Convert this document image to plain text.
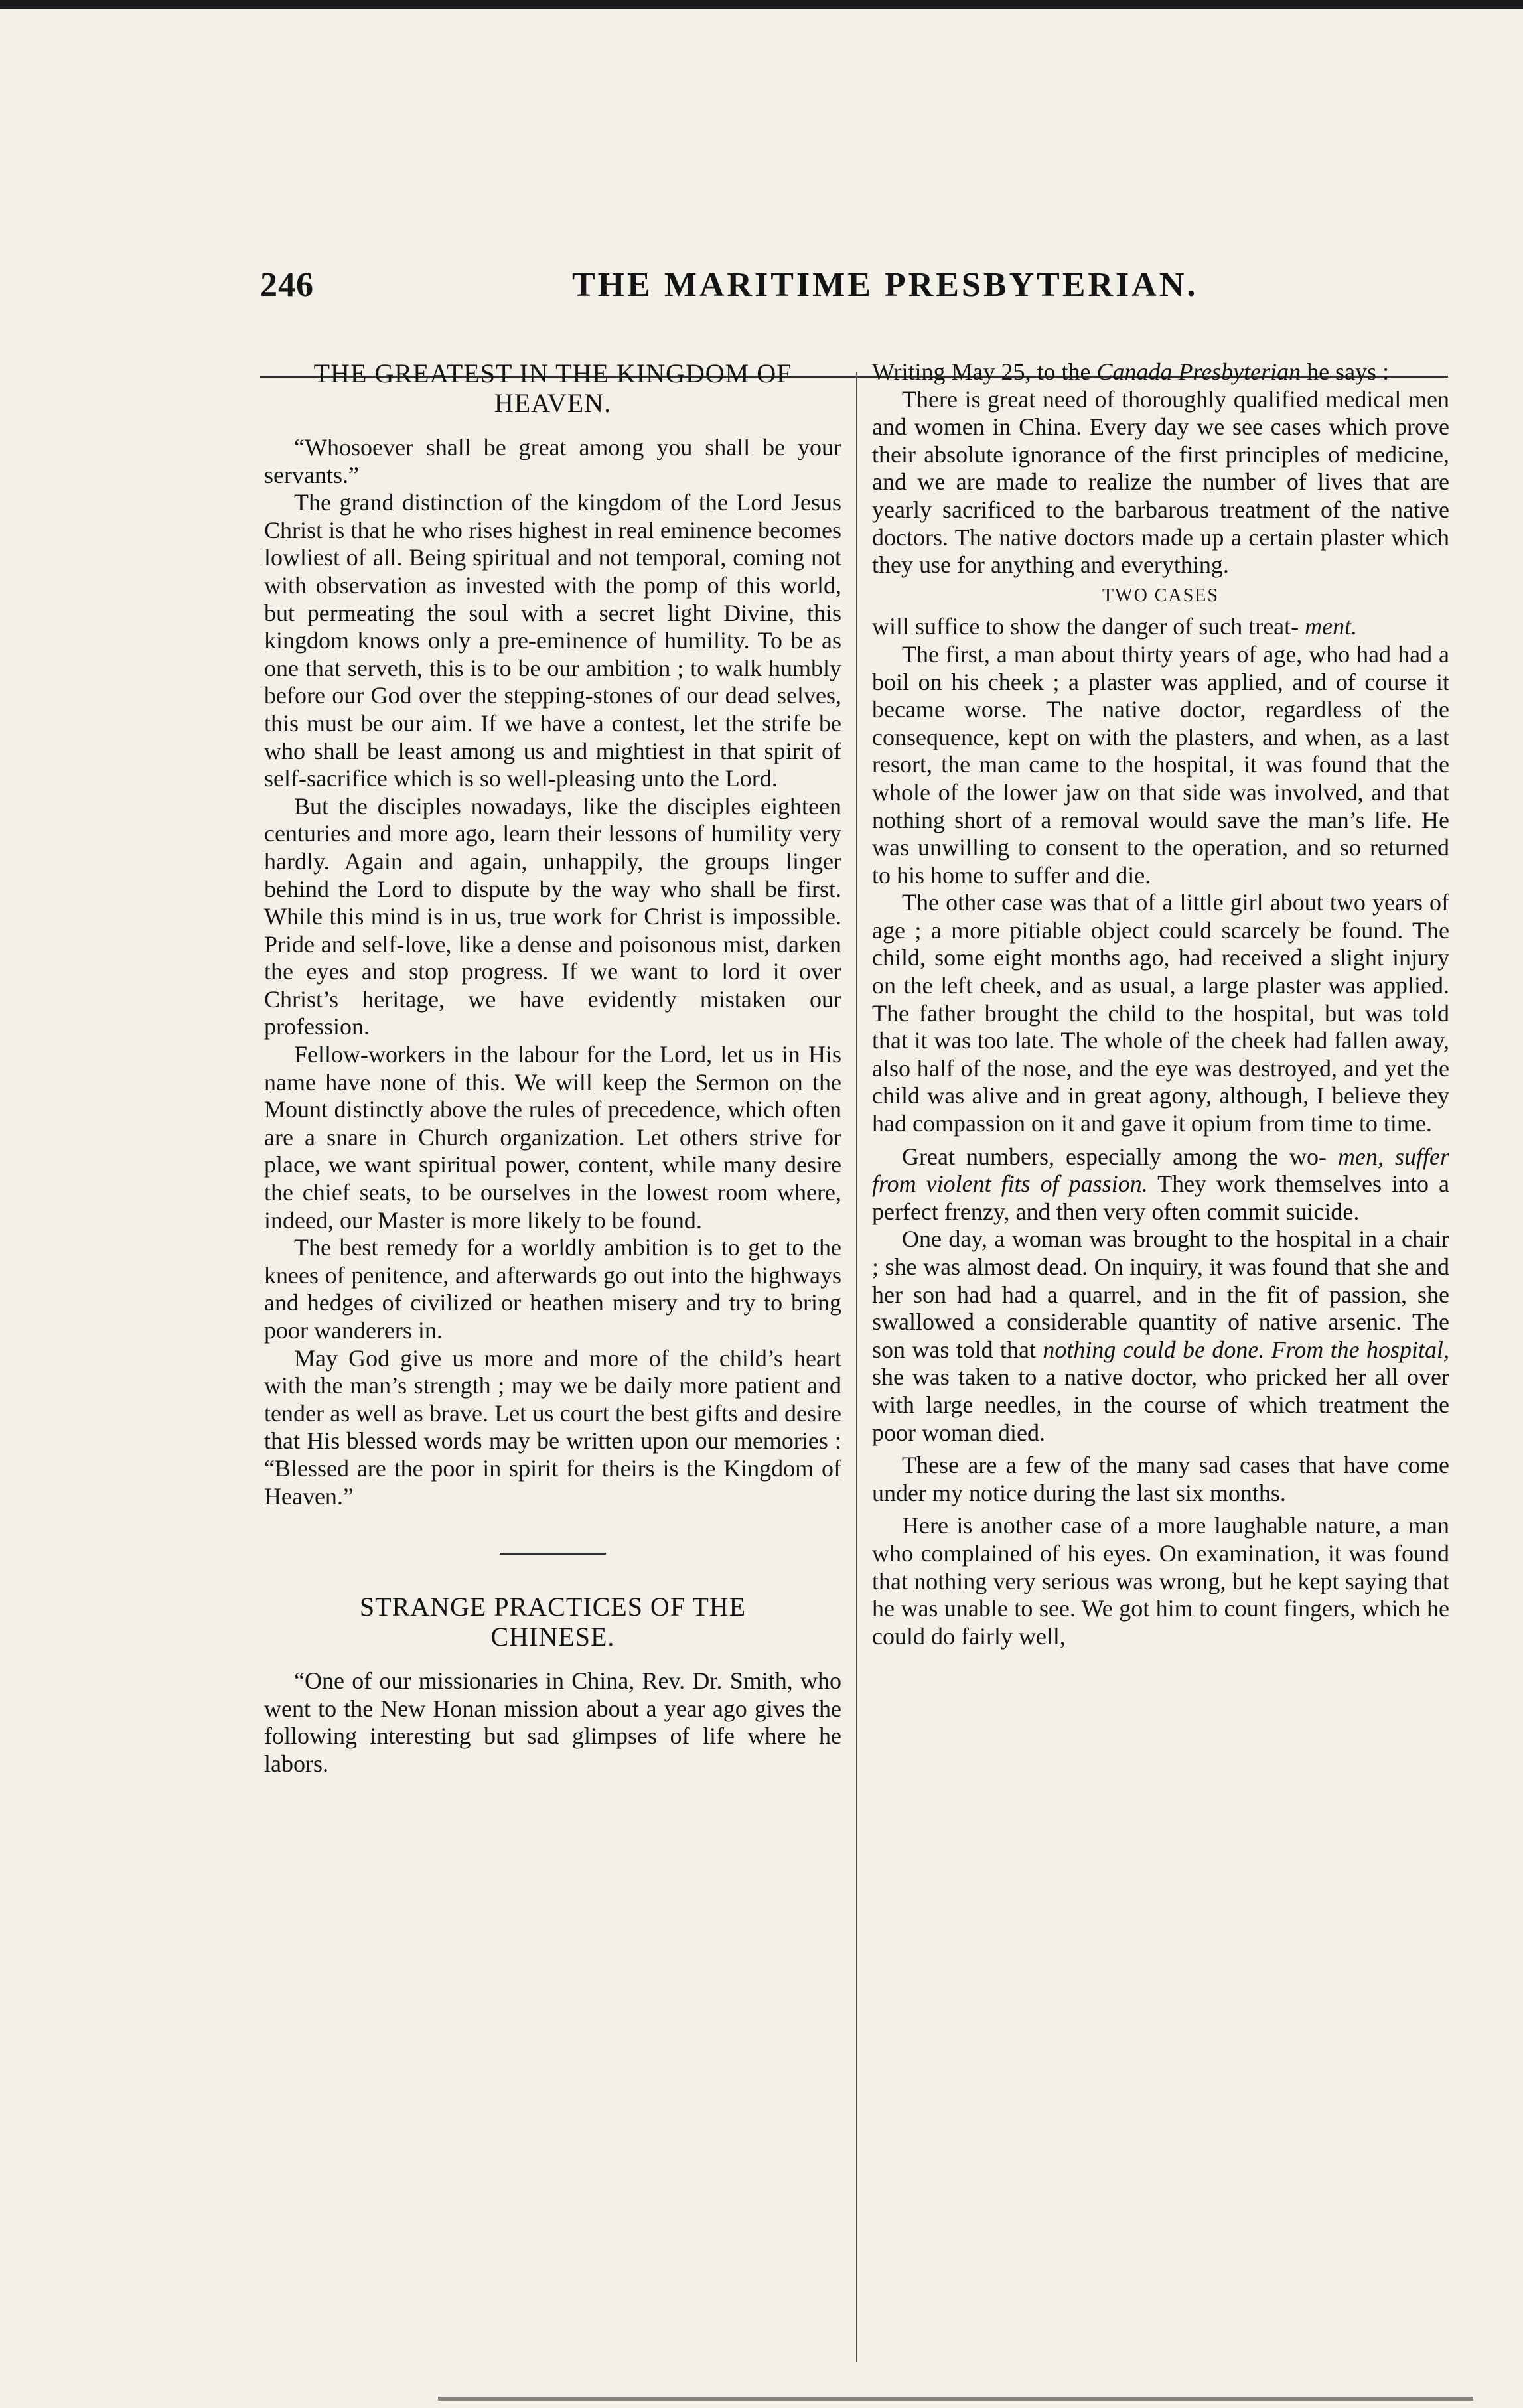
246	THE MARITIME PRESBYTERIAN.
THE GREATEST IN THE KINGDOM OF HEAVEN.

“Whosoever shall be great among you shall be your servants.”

The grand distinction of the kingdom of the Lord Jesus Christ is that he who rises highest in real eminence becomes lowliest of all. Being spiritual and not temporal, coming not with observation as invested with the pomp of this world, but permeating the soul with a secret light Divine, this kingdom knows only a pre-eminence of humility. To be as one that serveth, this is to be our ambition ; to walk humbly before our God over the stepping-stones of our dead selves, this must be our aim. If we have a contest, let the strife be who shall be least among us and mightiest in that spirit of self-sacrifice which is so well-pleasing unto the Lord.

But the disciples nowadays, like the disciples eighteen centuries and more ago, learn their lessons of humility very hardly. Again and again, unhappily, the groups linger behind the Lord to dispute by the way who shall be first. While this mind is in us, true work for Christ is impossible. Pride and self-love, like a dense and poisonous mist, darken the eyes and stop progress. If we want to lord it over Christ’s heritage, we have evidently mistaken our profession.

Fellow-workers in the labour for the Lord, let us in His name have none of this. We will keep the Sermon on the Mount distinctly above the rules of precedence, which often are a snare in Church organization. Let others strive for place, we want spiritual power, content, while many desire the chief seats, to be ourselves in the lowest room where, indeed, our Master is more likely to be found.

The best remedy for a worldly ambition is to get to the knees of penitence, and afterwards go out into the highways and hedges of civilized or heathen misery and try to bring poor wanderers in.

May God give us more and more of the child’s heart with the man’s strength ; may we be daily more patient and tender as well as brave. Let us court the best gifts and desire that His blessed words may be written upon our memories : “Blessed are the poor in spirit for theirs is the Kingdom of Heaven.”

STRANGE PRACTICES OF THE
CHINESE.

“One of our missionaries in China, Rev. Dr. Smith, who went to the New Honan mission about a year ago gives the following interesting but sad glimpses of life where he labors.

Writing May 25, to the Canada Presbyterian he says :

There is great need of thoroughly qualified medical men and women in China. Every day we see cases which prove their absolute ignorance of the first principles of medicine, and we are made to realize the number of lives that are yearly sacrificed to the barbarous treatment of the native doctors. The native doctors made up a certain plaster which they use for anything and everything.

TWO CASES

will suffice to show the danger of such treat- ment.

The first, a man about thirty years of age, who had had a boil on his cheek ; a plaster was applied, and of course it became worse. The native doctor, regardless of the consequence, kept on with the plasters, and when, as a last resort, the man came to the hospital, it was found that the whole of the lower jaw on that side was involved, and that nothing short of a removal would save the man’s life. He was unwilling to consent to the operation, and so returned to his home to suffer and die.

The other case was that of a little girl about two years of age ; a more pitiable object could scarcely be found. The child, some eight months ago, had received a slight injury on the left cheek, and as usual, a large plaster was applied. The father brought the child to the hospital, but was told that it was too late. The whole of the cheek had fallen away, also half of the nose, and the eye was destroyed, and yet the child was alive and in great agony, although, I believe they had compassion on it and gave it opium from time to time.

Great numbers, especially among the wo- men, suffer from violent fits of passion. They work themselves into a perfect frenzy, and then very often commit suicide.

One day, a woman was brought to the hospital in a chair ; she was almost dead. On inquiry, it was found that she and her son had had a quarrel, and in the fit of passion, she swallowed a considerable quantity of native arsenic. The son was told that nothing could be done. From the hospital, she was taken to a native doctor, who pricked her all over with large needles, in the course of which treatment the poor woman died.

These are a few of the many sad cases that have come under my notice during the last six months.

Here is another case of a more laughable nature, a man who complained of his eyes. On examination, it was found that nothing very serious was wrong, but he kept saying that he was unable to see. We got him to count fingers, which he could do fairly well,
